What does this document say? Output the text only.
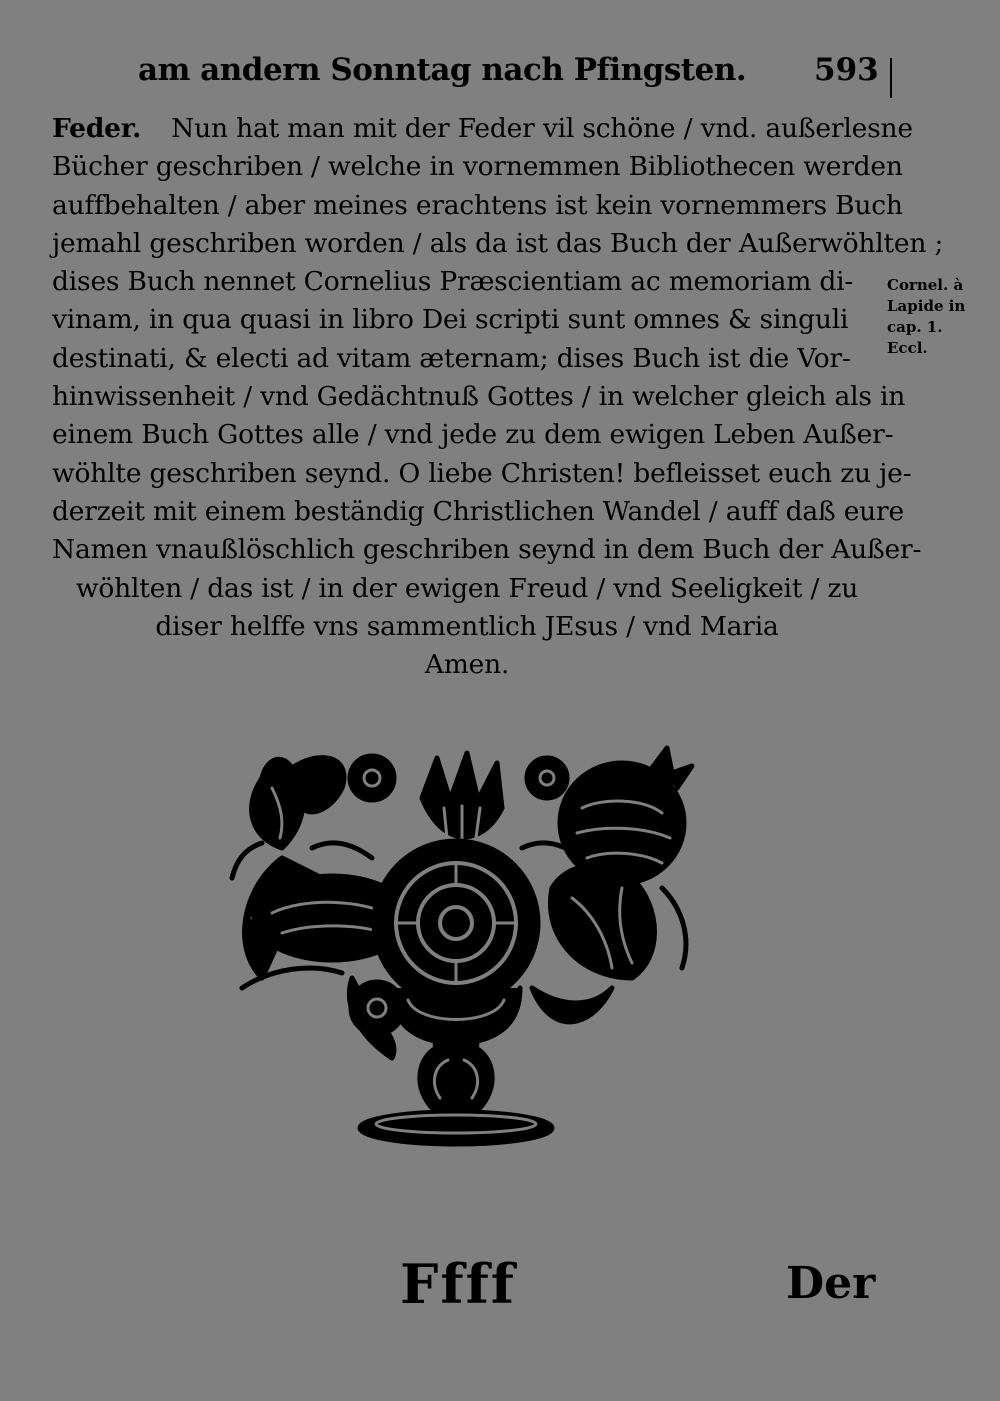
am andern Sonntag nach Pfingsten. 593
Feder. Nun hat man mit der Feder vil schöne / vnd. außerlesne
Bücher geschriben / welche in vornemmen Bibliothecen werden
auffbehalten / aber meines erachtens ist kein vornemmers Buch
jemahl geschriben worden / als da ist das Buch der Außerwöhlten ;
dises Buch nennet Cornelius Præscientiam ac memoriam di-
vinam, in qua quasi in libro Dei scripti sunt omnes & singuli
destinati, & electi ad vitam æternam; dises Buch ist die Vor-
hinwissenheit / vnd Gedächtnuß Gottes / in welcher gleich als in
einem Buch Gottes alle / vnd jede zu dem ewigen Leben Außer-
wöhlte geschriben seynd. O liebe Christen! befleisset euch zu je-
derzeit mit einem beständig Christlichen Wandel / auff daß eure
Namen vnaußlöschlich geschriben seynd in dem Buch der Außer-
wöhlten / das ist / in der ewigen Freud / vnd Seeligkeit / zu
diser helffe vns sammentlich JEsus / vnd Maria
Amen.
Cornel. à
Lapide in
cap. 1.
Eccl.
Ffff	Der
